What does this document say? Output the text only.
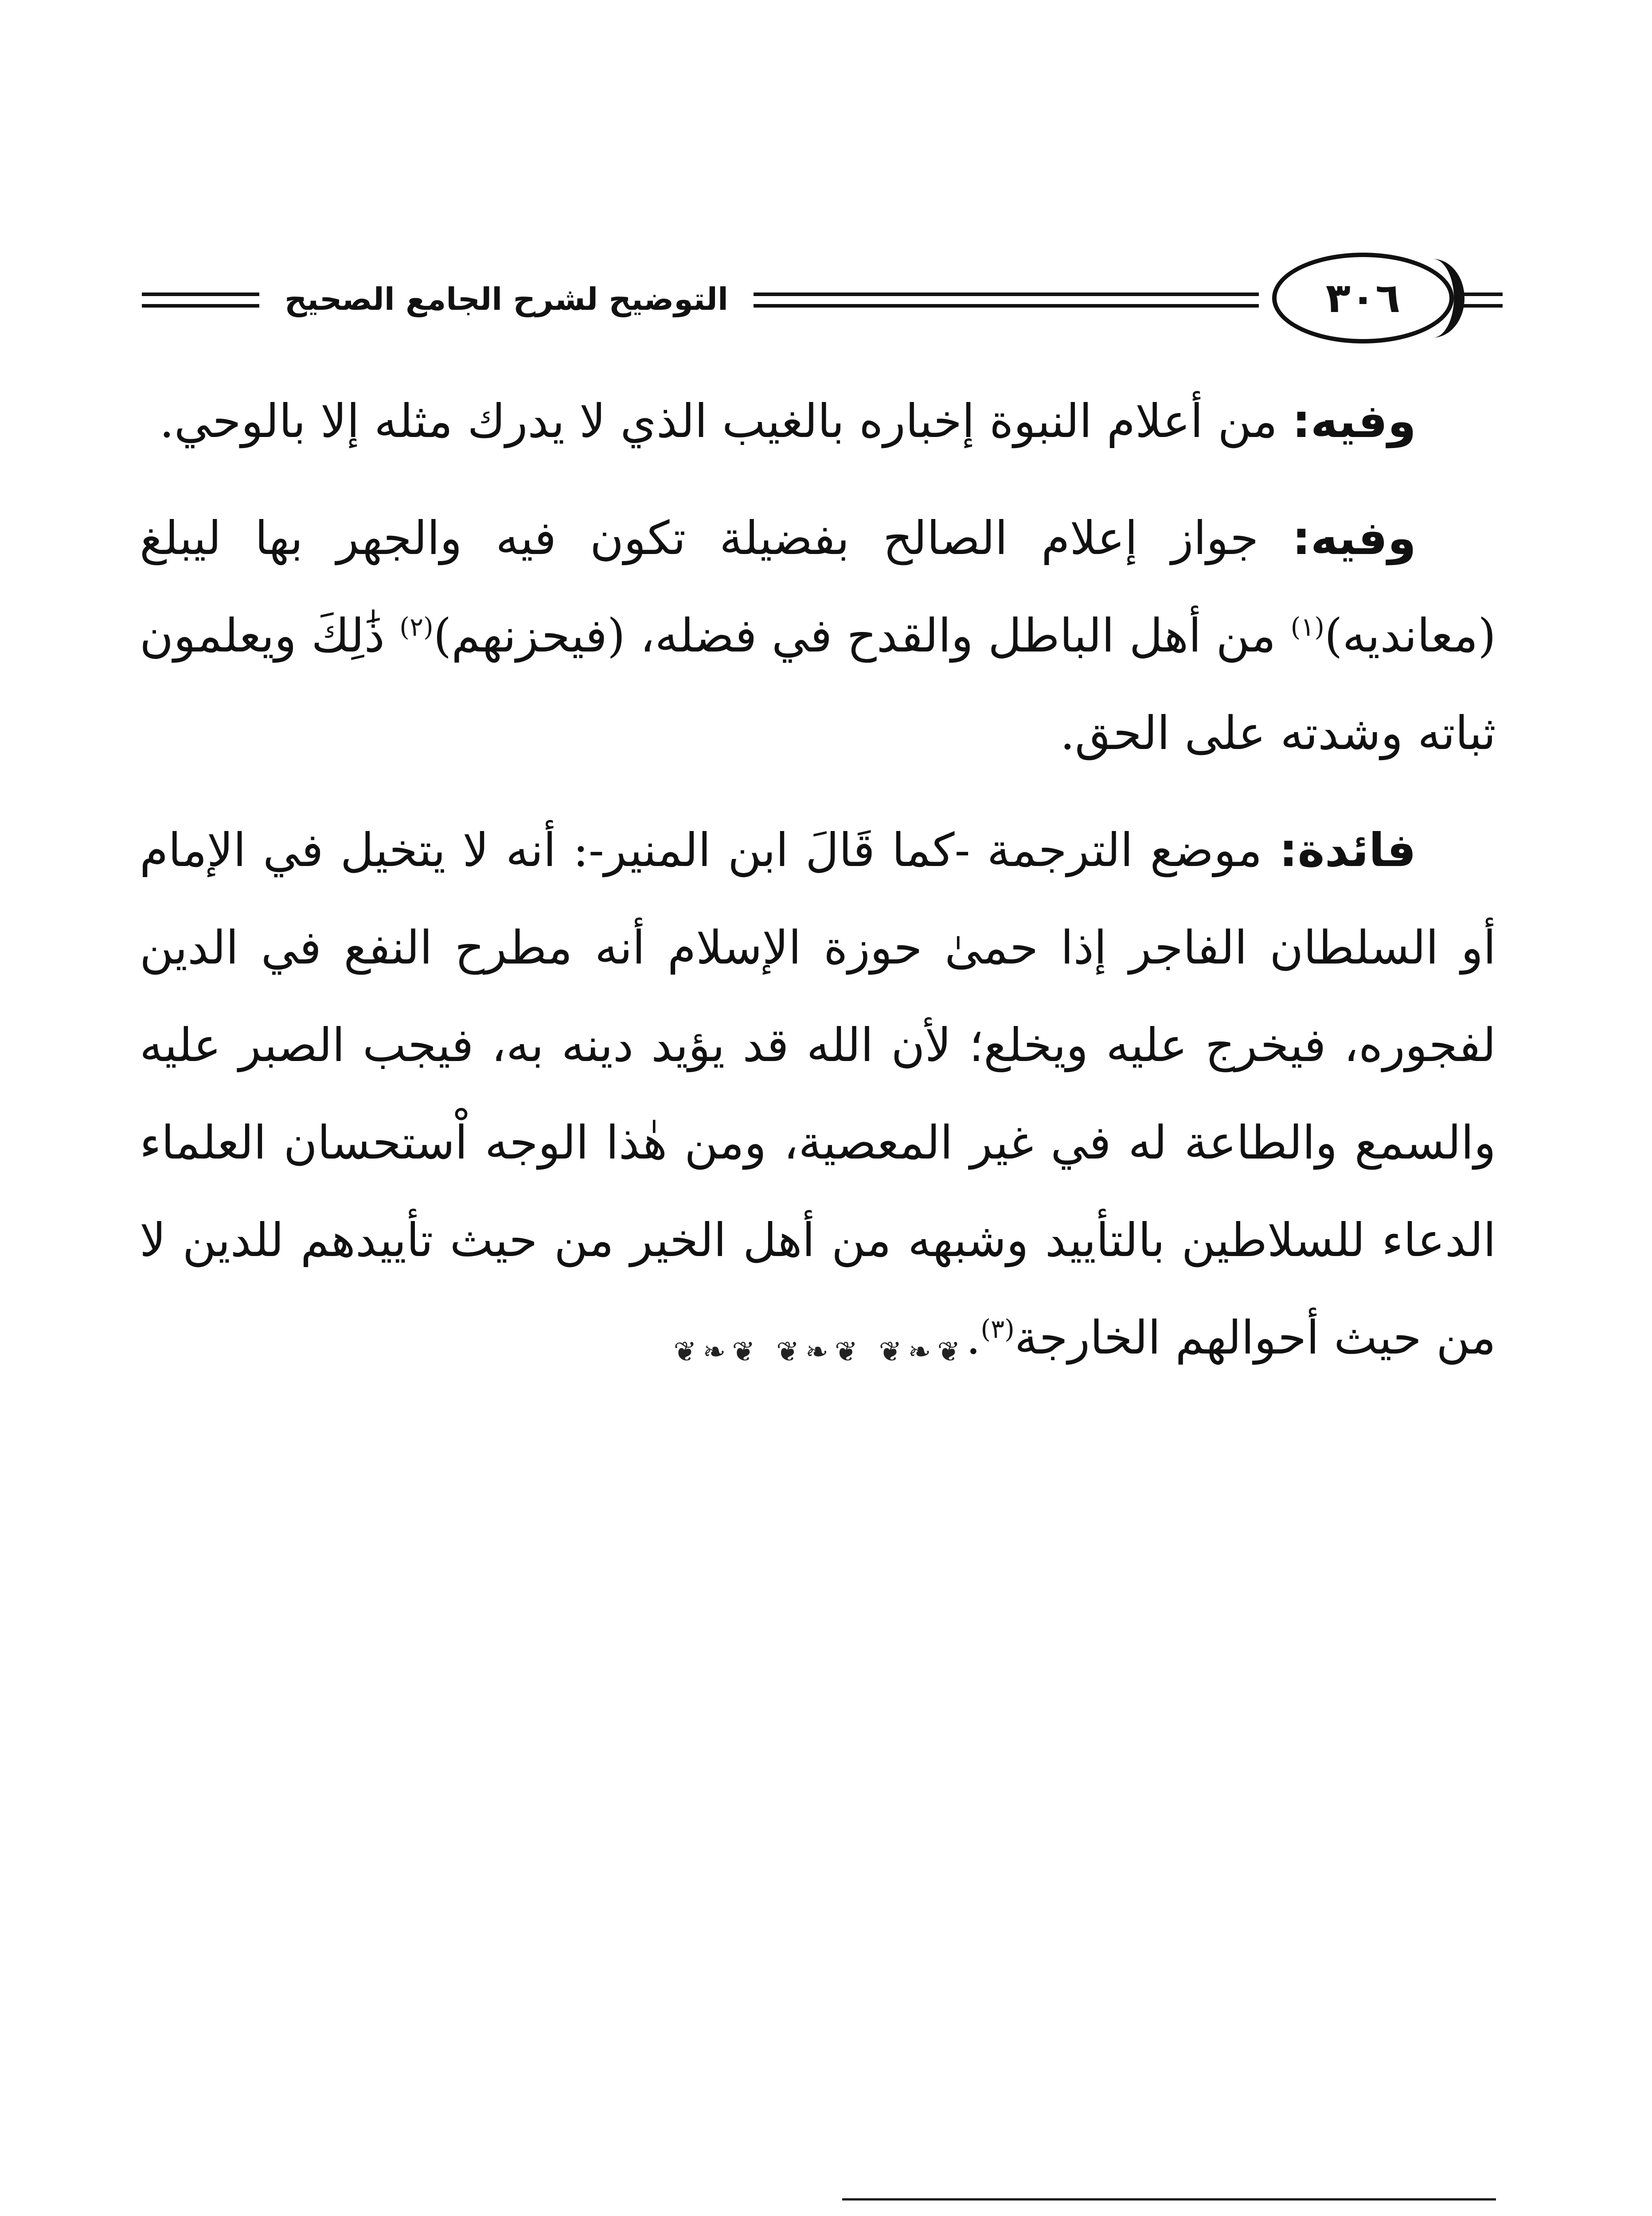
التوضيح لشرح الجامع الصحيح	٣٠٦

وفيه: من أعلام النبوة إخباره بالغيب الذي لا يدرك مثله إلا بالوحي.

وفيه: جواز إعلام الصالح بفضيلة تكون فيه والجهر بها ليبلغ (معانديه)$^{(١)}$ من أهل الباطل والقدح في فضله، (فيحزنهم)$^{(٢)}$ ذَٰلِكَ ويعلمون ثباته وشدته على الحق.

فائدة: موضع الترجمة -كما قَالَ ابن المنير-: أنه لا يتخيل في الإمام أو السلطان الفاجر إذا حمىٰ حوزة الإسلام أنه مطرح النفع في الدين لفجوره، فيخرج عليه ويخلع؛ لأن الله قد يؤيد دينه به، فيجب الصبر عليه والسمع والطاعة له في غير المعصية، ومن هٰذا الوجه اْستحسان العلماء الدعاء للسلاطين بالتأييد وشبهه من أهل الخير من حيث تأييدهم للدين لا من حيث أحوالهم الخارجة$^{(٣)}$.

❦❧❦ ❦❧❦ ❦❧❦
